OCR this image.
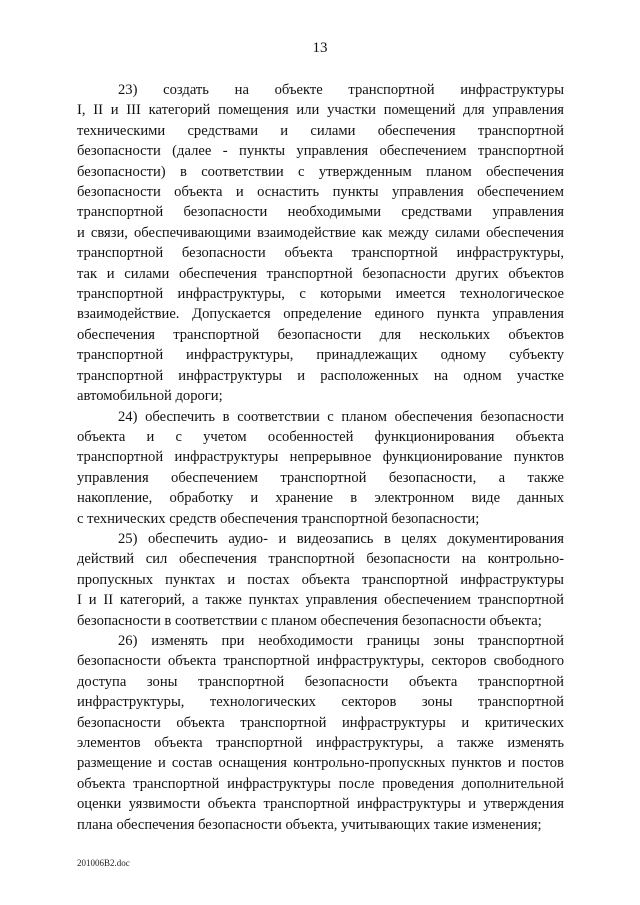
13

23) создать на объекте транспортной инфраструктуры
I, II и III категорий помещения или участки помещений для управления
техническими средствами и силами обеспечения транспортной
безопасности (далее - пункты управления обеспечением транспортной
безопасности) в соответствии с утвержденным планом обеспечения
безопасности объекта и оснастить пункты управления обеспечением
транспортной безопасности необходимыми средствами управления
и связи, обеспечивающими взаимодействие как между силами обеспечения
транспортной безопасности объекта транспортной инфраструктуры,
так и силами обеспечения транспортной безопасности других объектов
транспортной инфраструктуры, с которыми имеется технологическое
взаимодействие. Допускается определение единого пункта управления
обеспечения транспортной безопасности для нескольких объектов
транспортной инфраструктуры, принадлежащих одному субъекту
транспортной инфраструктуры и расположенных на одном участке
автомобильной дороги;

24) обеспечить в соответствии с планом обеспечения безопасности
объекта и с учетом особенностей функционирования объекта
транспортной инфраструктуры непрерывное функционирование пунктов
управления обеспечением транспортной безопасности, а также
накопление, обработку и хранение в электронном виде данных
с технических средств обеспечения транспортной безопасности;

25) обеспечить аудио- и видеозапись в целях документирования
действий сил обеспечения транспортной безопасности на контрольно-
пропускных пунктах и постах объекта транспортной инфраструктуры
I и II категорий, а также пунктах управления обеспечением транспортной
безопасности в соответствии с планом обеспечения безопасности объекта;

26) изменять при необходимости границы зоны транспортной
безопасности объекта транспортной инфраструктуры, секторов свободного
доступа зоны транспортной безопасности объекта транспортной
инфраструктуры, технологических секторов зоны транспортной
безопасности объекта транспортной инфраструктуры и критических
элементов объекта транспортной инфраструктуры, а также изменять
размещение и состав оснащения контрольно-пропускных пунктов и постов
объекта транспортной инфраструктуры после проведения дополнительной
оценки уязвимости объекта транспортной инфраструктуры и утверждения
плана обеспечения безопасности объекта, учитывающих такие изменения;

201006B2.doc
